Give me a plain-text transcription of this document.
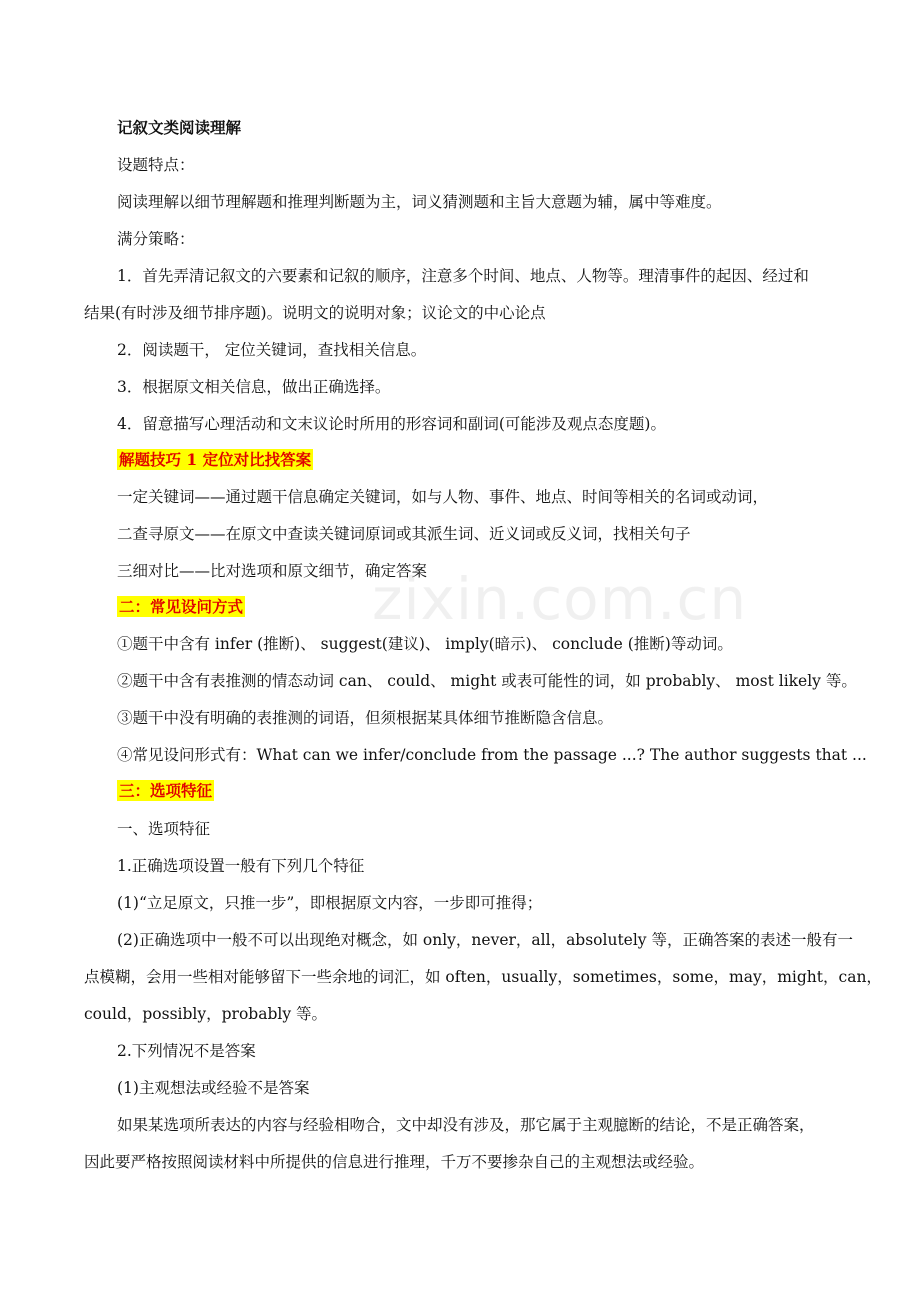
zixin.com.cn
记叙文类阅读理解
设题特点：
阅读理解以细节理解题和推理判断题为主，词义猜测题和主旨大意题为辅，属中等难度。
满分策略：
1．首先弄清记叙文的六要素和记叙的顺序，注意多个时间、地点、人物等。理清事件的起因、经过和
结果(有时涉及细节排序题)。说明文的说明对象；议论文的中心论点
2．阅读题干， 定位关键词，查找相关信息。
3．根据原文相关信息，做出正确选择。
4．留意描写心理活动和文末议论时所用的形容词和副词(可能涉及观点态度题)。
解题技巧 1 定位对比找答案
一定关键词——通过题干信息确定关键词，如与人物、事件、地点、时间等相关的名词或动词，
二查寻原文——在原文中查读关键词原词或其派生词、近义词或反义词，找相关句子
三细对比——比对选项和原文细节，确定答案
二：常见设问方式
①题干中含有 infer (推断)、 suggest(建议)、 imply(暗示)、 conclude (推断)等动词。
②题干中含有表推测的情态动词 can、 could、 might 或表可能性的词，如 probably、 most likely 等。
③题干中没有明确的表推测的词语，但须根据某具体细节推断隐含信息。
④常见设问形式有：What can we infer/conclude from the passage ...? The author suggests that ...
三：选项特征
一、选项特征
1.正确选项设置一般有下列几个特征
(1)“立足原文，只推一步”，即根据原文内容，一步即可推得；
(2)正确选项中一般不可以出现绝对概念，如 only，never，all，absolutely 等，正确答案的表述一般有一
点模糊，会用一些相对能够留下一些余地的词汇，如 often，usually，sometimes，some，may，might，can，
could，possibly，probably 等。
2.下列情况不是答案
(1)主观想法或经验不是答案
如果某选项所表达的内容与经验相吻合，文中却没有涉及，那它属于主观臆断的结论，不是正确答案，
因此要严格按照阅读材料中所提供的信息进行推理，千万不要掺杂自己的主观想法或经验。
